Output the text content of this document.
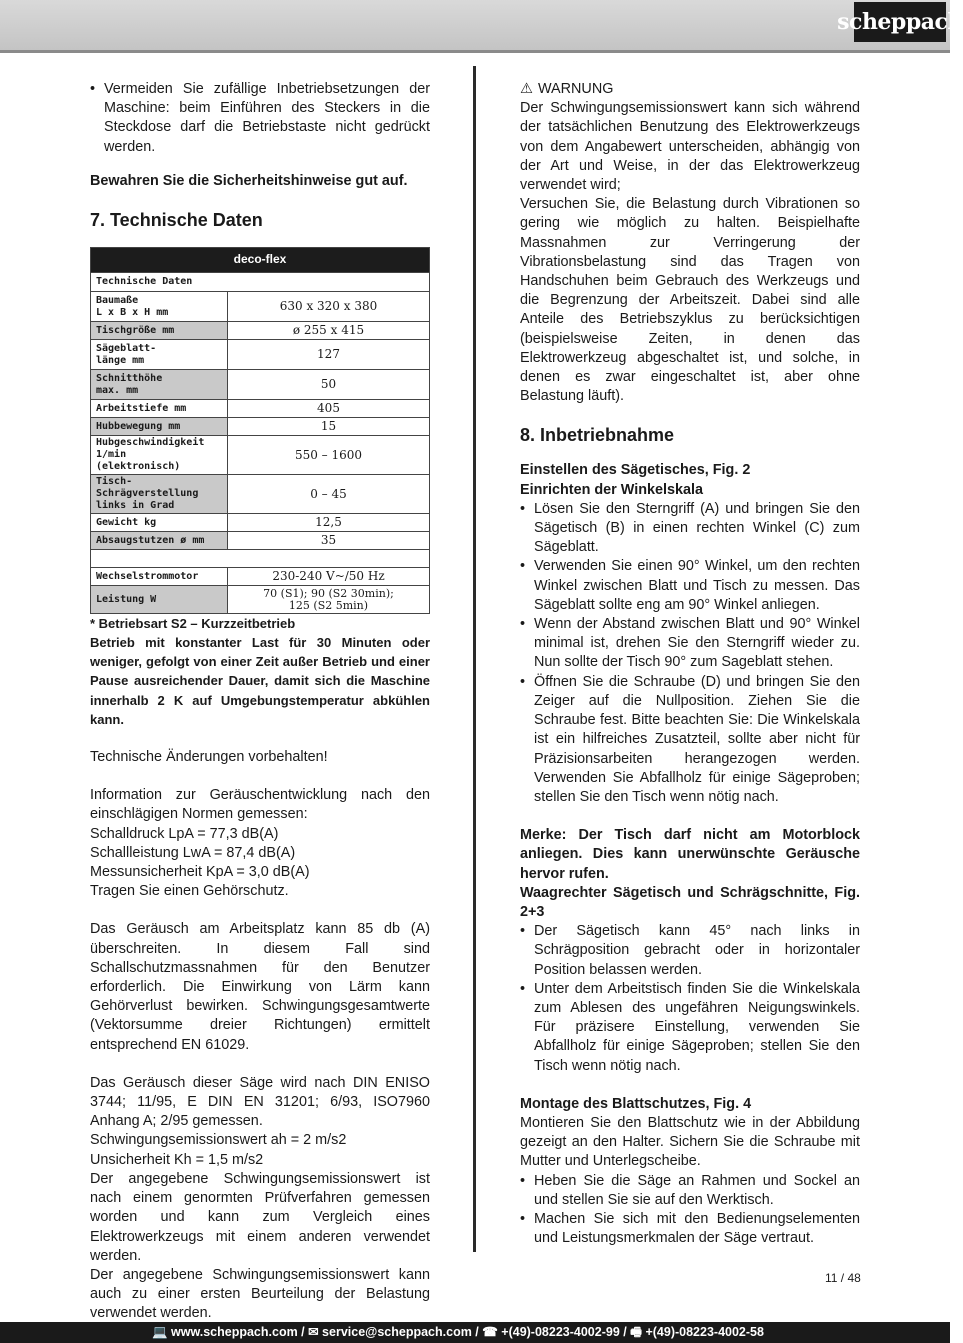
scheppach
• Vermeiden Sie zufällige Inbetriebsetzungen der Maschine: beim Einführen des Steckers in die Steckdose darf die Betriebstaste nicht gedrückt werden.

Bewahren Sie die Sicherheitshinweise gut auf.

7. Technische Daten
deco-flex	
Technische Daten	
Baumaße
L x B x H mm	630 x 320 x 380
Tischgröße mm	ø 255 x 415
Sägeblatt-
länge mm	127
Schnitthöhe
max. mm	50
Arbeitstiefe mm	405
Hubbewegung mm	15
Hubgeschwindigkeit 1/min
(elektronisch)	550 – 1600
Tisch-Schrägverstellung
links in Grad	0 – 45
Gewicht kg	12,5
Absaugstutzen ø mm	35

Wechselstrommotor	230-240 V~/50 Hz
Leistung W	70 (S1); 90 (S2 30min);
125 (S2 5min)

* Betriebsart S2 – Kurzzeitbetrieb

Betrieb mit konstanter Last für 30 Minuten oder weniger, gefolgt von einer Zeit außer Betrieb und einer Pause ausreichender Dauer, damit sich die Maschine innerhalb 2 K auf Umgebungstemperatur abkühlen kann.

Technische Änderungen vorbehalten!

Information zur Geräuschentwicklung nach den einschlägigen Normen gemessen:

Schalldruck LpA = 77,3 dB(A)

Schallleistung LwA = 87,4 dB(A)

Messunsicherheit KpA = 3,0 dB(A)

Tragen Sie einen Gehörschutz.

Das Geräusch am Arbeitsplatz kann 85 db (A) überschreiten. In diesem Fall sind Schallschutzmassnahmen für den Benutzer erforderlich. Die Einwirkung von Lärm kann Gehörverlust bewirken. Schwingungsgesamtwerte (Vektorsumme dreier Richtungen) ermittelt entsprechend EN 61029.

Das Geräusch dieser Säge wird nach DIN ENISO 3744; 11/95, E DIN EN 31201; 6/93, ISO7960 Anhang A; 2/95 gemessen.

Schwingungsemissionswert ah = 2 m/s2

Unsicherheit Kh = 1,5 m/s2

Der angegebene Schwingungsemissionswert ist nach einem genormten Prüfverfahren gemessen worden und kann zum Vergleich eines Elektrowerkzeugs mit einem anderen verwendet werden.

Der angegebene Schwingungsemissionswert kann auch zu einer ersten Beurteilung der Belastung verwendet werden.

⚠ WARNUNG

Der Schwingungsemissionswert kann sich während der tatsächlichen Benutzung des Elektrowerkzeugs von dem Angabewert unterscheiden, abhängig von der Art und Weise, in der das Elektrowerkzeug verwendet wird;

Versuchen Sie, die Belastung durch Vibrationen so gering wie möglich zu halten. Beispielhafte Massnahmen zur Verringerung der Vibrationsbelastung sind das Tragen von Handschuhen beim Gebrauch des Werkzeugs und die Begrenzung der Arbeitszeit. Dabei sind alle Anteile des Betriebszyklus zu berücksichtigen (beispielsweise Zeiten, in denen das Elektrowerkzeug abgeschaltet ist, und solche, in denen es zwar eingeschaltet ist, aber ohne Belastung läuft).

8. Inbetriebnahme

Einstellen des Sägetisches, Fig. 2

Einrichten der Winkelskala

• Lösen Sie den Sterngriff (A) und bringen Sie den Sägetisch (B) in einen rechten Winkel (C) zum Sägeblatt.
• Verwenden Sie einen 90° Winkel, um den rechten Winkel zwischen Blatt und Tisch zu messen. Das Sägeblatt sollte eng am 90° Winkel anliegen.
• Wenn der Abstand zwischen Blatt und 90° Winkel minimal ist, drehen Sie den Sterngriff wieder zu. Nun sollte der Tisch 90° zum Sageblatt stehen.
• Öffnen Sie die Schraube (D) und bringen Sie den Zeiger auf die Nullposition. Ziehen Sie die Schraube fest. Bitte beachten Sie: Die Winkelskala ist ein hilfreiches Zusatzteil, sollte aber nicht für Präzisionsarbeiten herangezogen werden. Verwenden Sie Abfallholz für einige Sägeproben; stellen Sie den Tisch wenn nötig nach.

Merke: Der Tisch darf nicht am Motorblock anliegen. Dies kann unerwünschte Geräusche hervor rufen.

Waagrechter Sägetisch und Schrägschnitte, Fig. 2+3

• Der Sägetisch kann 45° nach links in Schrägposition gebracht oder in horizontaler Position belassen werden.
• Unter dem Arbeitstisch finden Sie die Winkelskala zum Ablesen des ungefähren Neigungswinkels. Für präzisere Einstellung, verwenden Sie Abfallholz für einige Sägeproben; stellen Sie den Tisch wenn nötig nach.

Montage des Blattschutzes, Fig. 4

Montieren Sie den Blattschutz wie in der Abbildung gezeigt an den Halter. Sichern Sie die Schraube mit Mutter und Unterlegscheibe.

• Heben Sie die Säge an Rahmen und Sockel an und stellen Sie sie auf den Werktisch.
• Machen Sie sich mit den Bedienungselementen und Leistungsmerkmalen der Säge vertraut.
11 / 48
💻 www.scheppach.com / ✉ service@scheppach.com / ☎ +(49)-08223-4002-99 / 🖷 +(49)-08223-4002-58
